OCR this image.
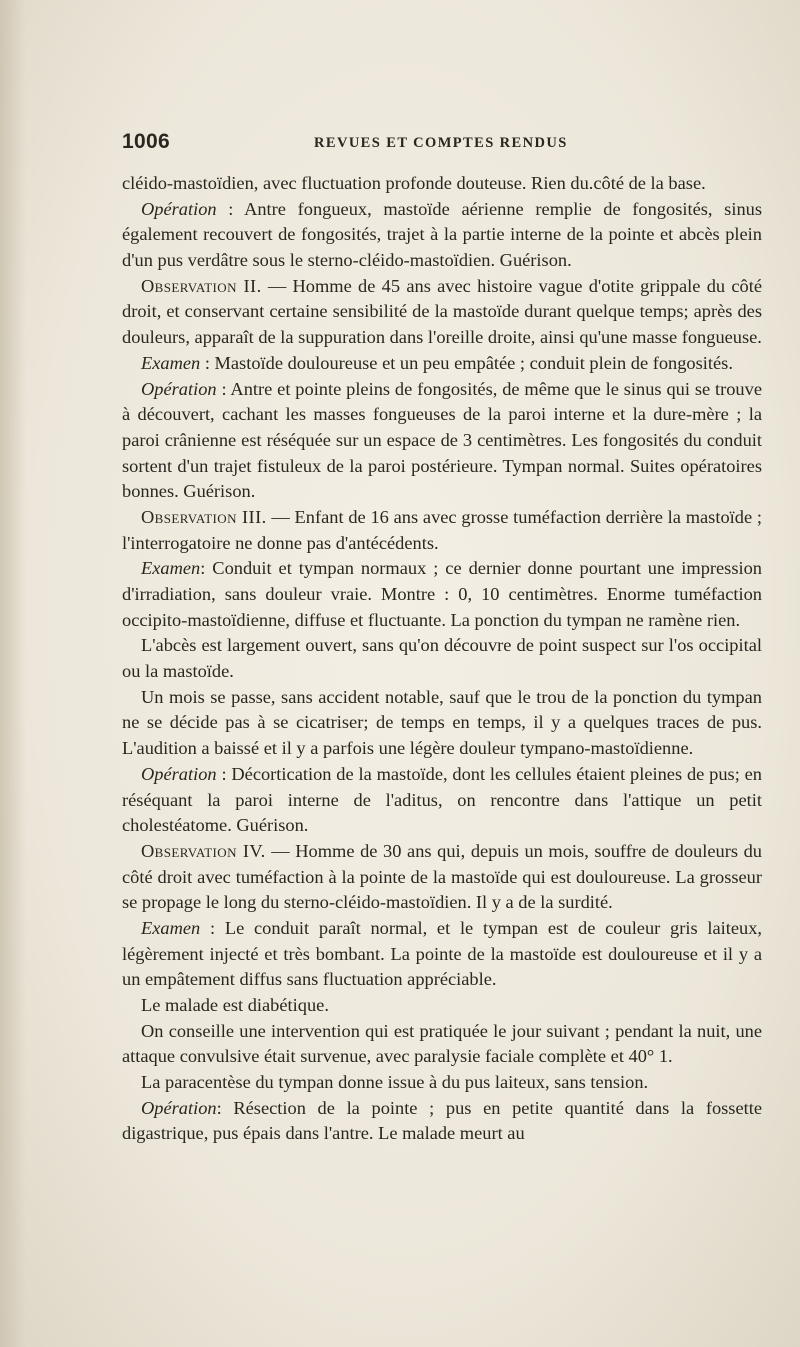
1006	REVUES ET COMPTES RENDUS

cléido-mastoïdien, avec fluctuation profonde douteuse. Rien du.côté de la base.

Opération : Antre fongueux, mastoïde aérienne remplie de fongosités, sinus également recouvert de fongosités, trajet à la partie interne de la pointe et abcès plein d'un pus verdâtre sous le sterno-cléido-mastoïdien. Guérison.

Observation II. — Homme de 45 ans avec histoire vague d'otite grippale du côté droit, et conservant certaine sensibilité de la mastoïde durant quelque temps; après des douleurs, apparaît de la suppuration dans l'oreille droite, ainsi qu'une masse fongueuse.

Examen : Mastoïde douloureuse et un peu empâtée ; conduit plein de fongosités.

Opération : Antre et pointe pleins de fongosités, de même que le sinus qui se trouve à découvert, cachant les masses fongueuses de la paroi interne et la dure-mère ; la paroi crânienne est réséquée sur un espace de 3 centimètres. Les fongosités du conduit sortent d'un trajet fistuleux de la paroi postérieure. Tympan normal. Suites opératoires bonnes. Guérison.

Observation III. — Enfant de 16 ans avec grosse tuméfaction derrière la mastoïde ; l'interrogatoire ne donne pas d'antécédents.

Examen: Conduit et tympan normaux ; ce dernier donne pourtant une impression d'irradiation, sans douleur vraie. Montre : 0, 10 centimètres. Enorme tuméfaction occipito-mastoïdienne, diffuse et fluctuante. La ponction du tympan ne ramène rien.

L'abcès est largement ouvert, sans qu'on découvre de point suspect sur l'os occipital ou la mastoïde.

Un mois se passe, sans accident notable, sauf que le trou de la ponction du tympan ne se décide pas à se cicatriser; de temps en temps, il y a quelques traces de pus. L'audition a baissé et il y a parfois une légère douleur tympano-mastoïdienne.

Opération : Décortication de la mastoïde, dont les cellules étaient pleines de pus; en réséquant la paroi interne de l'aditus, on rencontre dans l'attique un petit cholestéatome. Guérison.

Observation IV. — Homme de 30 ans qui, depuis un mois, souffre de douleurs du côté droit avec tuméfaction à la pointe de la mastoïde qui est douloureuse. La grosseur se propage le long du sterno-cléido-mastoïdien. Il y a de la surdité.

Examen : Le conduit paraît normal, et le tympan est de couleur gris laiteux, légèrement injecté et très bombant. La pointe de la mastoïde est douloureuse et il y a un empâtement diffus sans fluctuation appréciable.

Le malade est diabétique.

On conseille une intervention qui est pratiquée le jour suivant ; pendant la nuit, une attaque convulsive était survenue, avec paralysie faciale complète et 40° 1.

La paracentèse du tympan donne issue à du pus laiteux, sans tension.

Opération: Résection de la pointe ; pus en petite quantité dans la fossette digastrique, pus épais dans l'antre. Le malade meurt au
